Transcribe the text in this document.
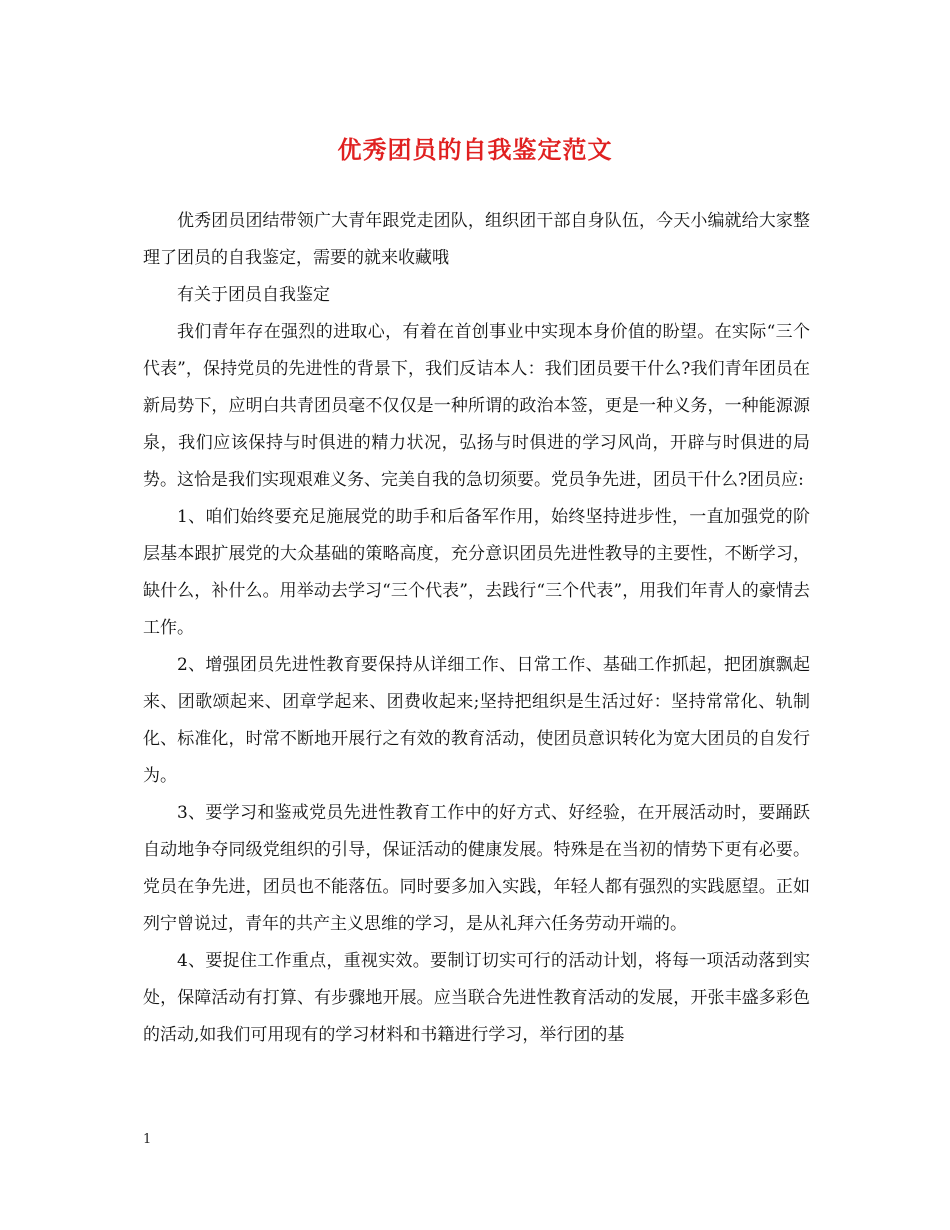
优秀团员的自我鉴定范文

优秀团员团结带领广大青年跟党走团队，组织团干部自身队伍，今天小编就给大家整理了团员的自我鉴定，需要的就来收藏哦

有关于团员自我鉴定

我们青年存在强烈的进取心，有着在首创事业中实现本身价值的盼望。在实际“三个代表”，保持党员的先进性的背景下，我们反诘本人：我们团员要干什么?我们青年团员在新局势下，应明白共青团员毫不仅仅是一种所谓的政治本签，更是一种义务，一种能源源泉，我们应该保持与时俱进的精力状况，弘扬与时俱进的学习风尚，开辟与时俱进的局势。这恰是我们实现艰难义务、完美自我的急切须要。党员争先进，团员干什么?团员应:

1、咱们始终要充足施展党的助手和后备军作用，始终坚持进步性，一直加强党的阶层基本跟扩展党的大众基础的策略高度，充分意识团员先进性教导的主要性，不断学习，缺什么，补什么。用举动去学习“三个代表”，去践行“三个代表”，用我们年青人的豪情去工作。

2、增强团员先进性教育要保持从详细工作、日常工作、基础工作抓起，把团旗飘起来、团歌颂起来、团章学起来、团费收起来;坚持把组织是生活过好：坚持常常化、轨制化、标准化，时常不断地开展行之有效的教育活动，使团员意识转化为宽大团员的自发行为。

3、要学习和鉴戒党员先进性教育工作中的好方式、好经验，在开展活动时，要踊跃自动地争夺同级党组织的引导，保证活动的健康发展。特殊是在当初的情势下更有必要。党员在争先进，团员也不能落伍。同时要多加入实践，年轻人都有强烈的实践愿望。正如列宁曾说过，青年的共产主义思维的学习，是从礼拜六任务劳动开端的。

4、要捉住工作重点，重视实效。要制订切实可行的活动计划，将每一项活动落到实处，保障活动有打算、有步骤地开展。应当联合先进性教育活动的发展，开张丰盛多彩色的活动,如我们可用现有的学习材料和书籍进行学习，举行团的基

1
